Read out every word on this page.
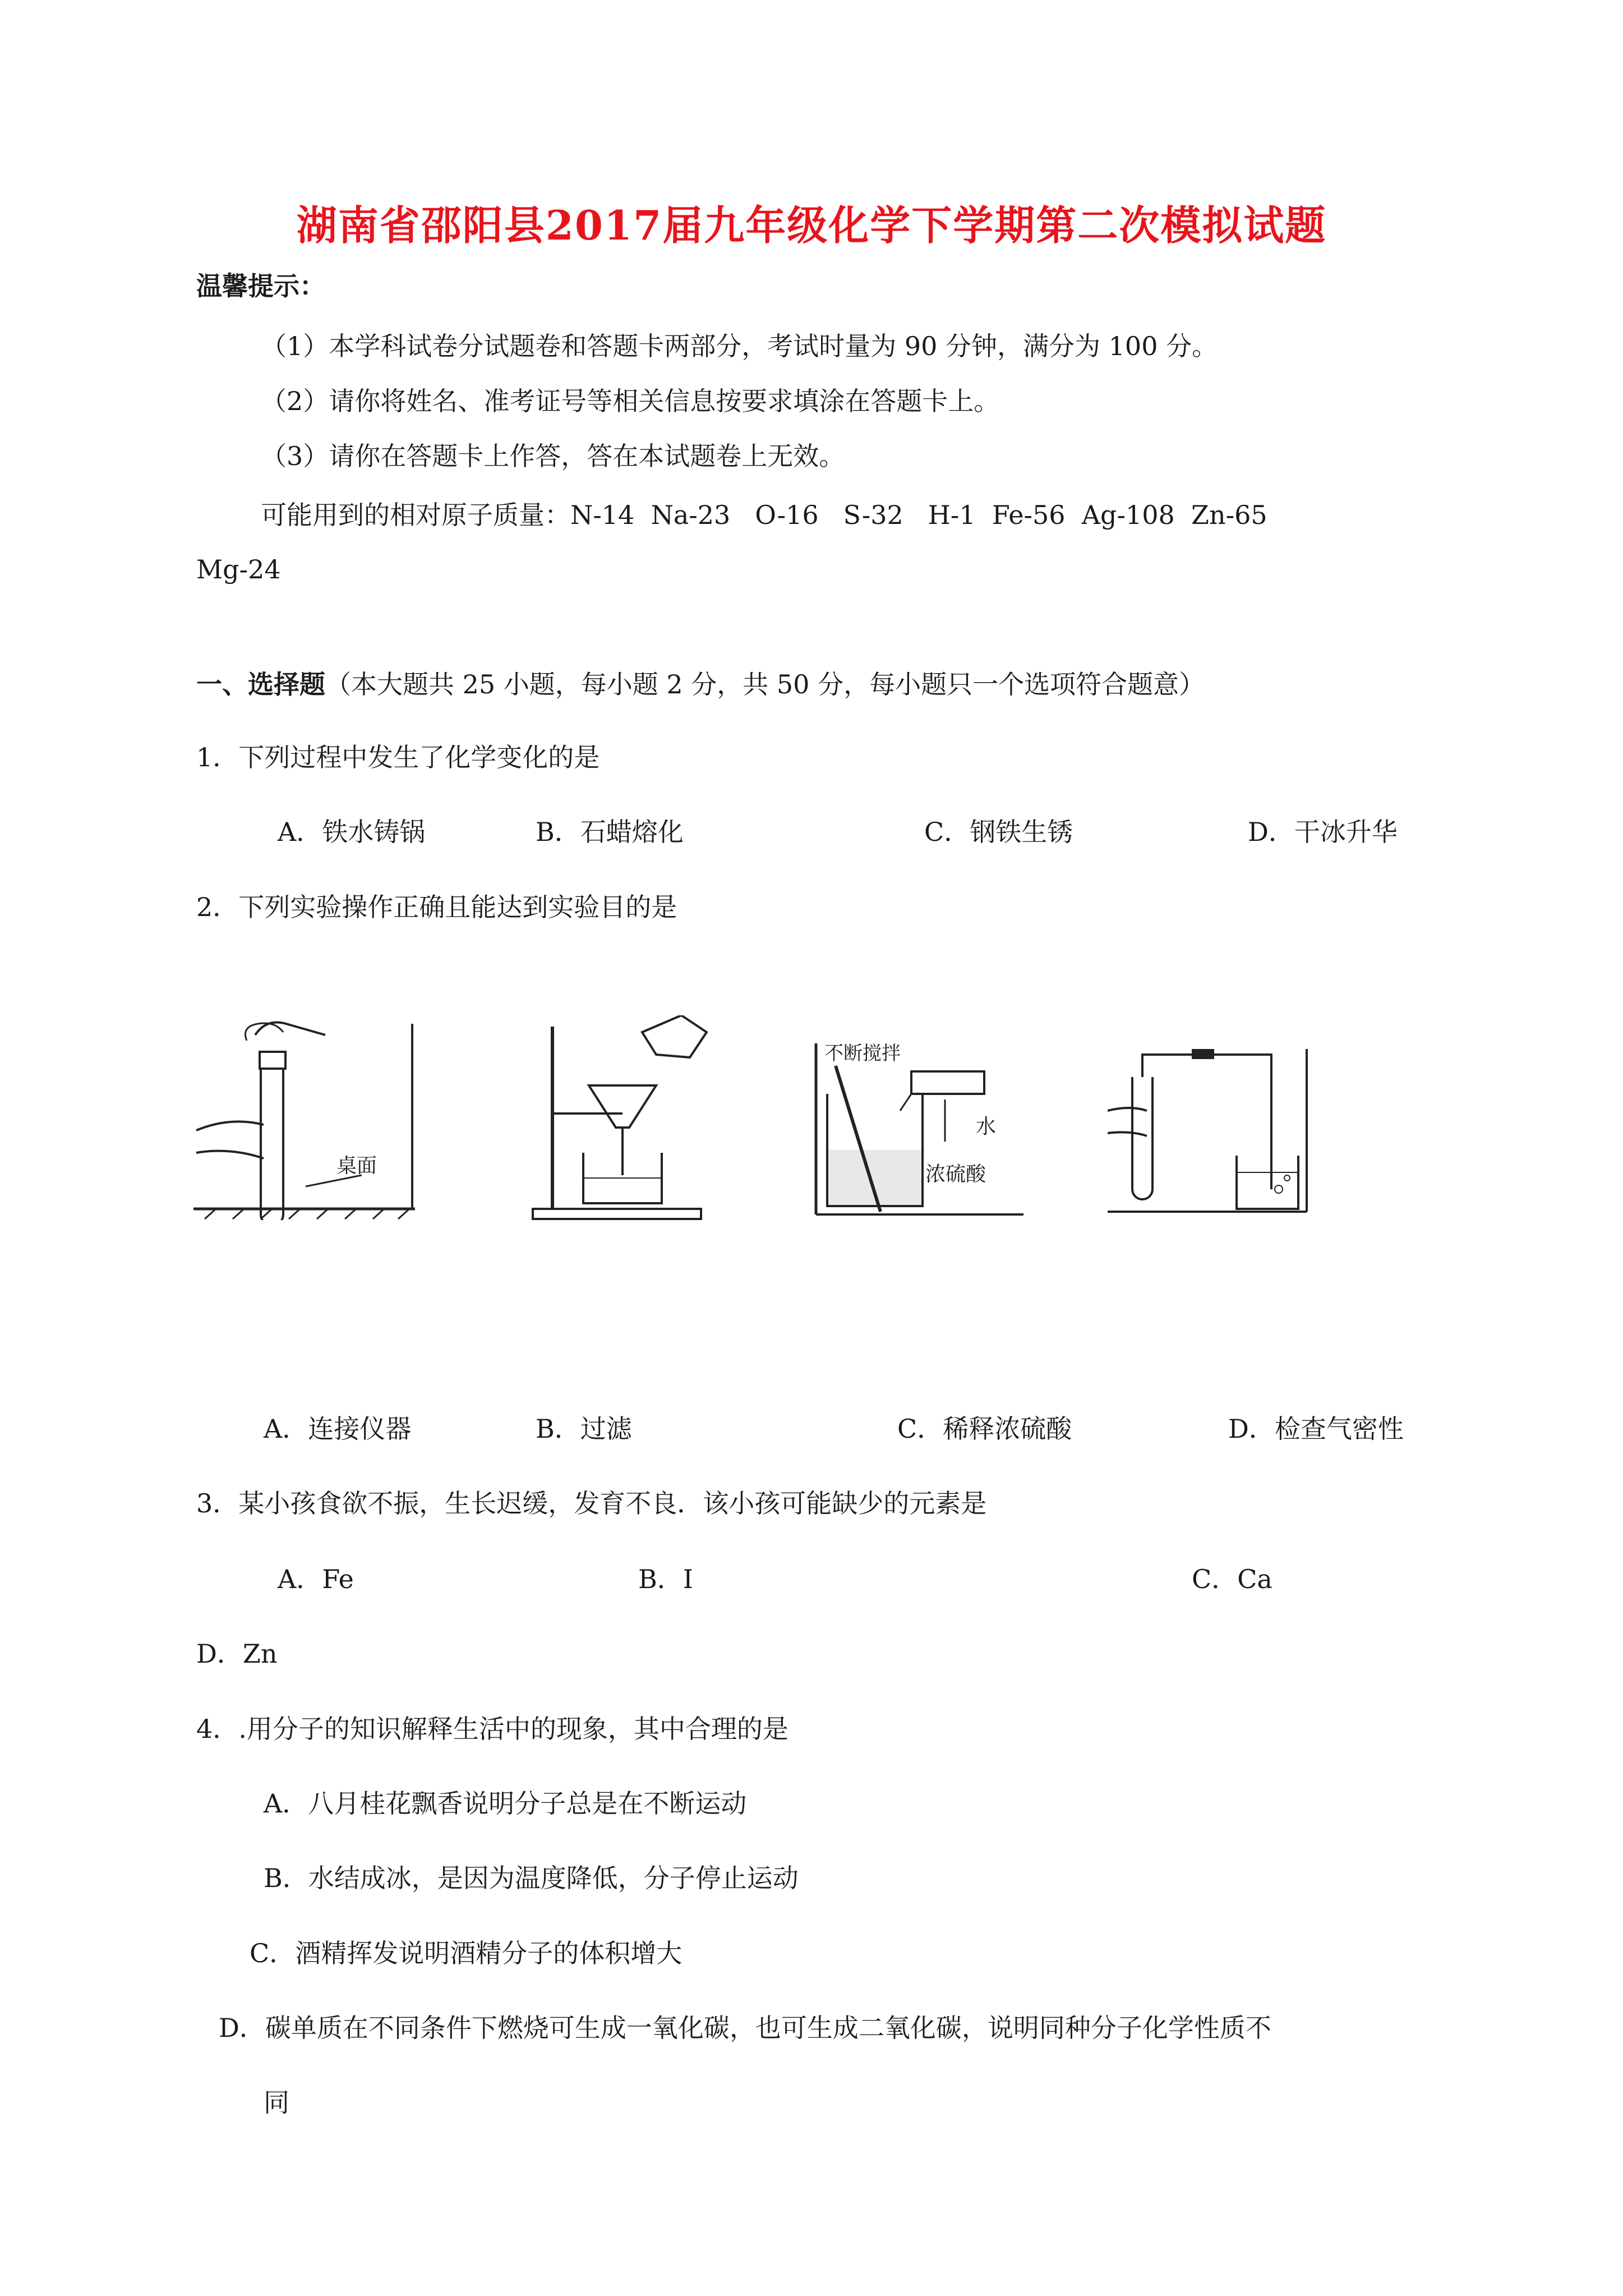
湖南省邵阳县2017届九年级化学下学期第二次模拟试题
温馨提示：
（1）本学科试卷分试题卷和答题卡两部分，考试时量为 90 分钟，满分为 100 分。
（2）请你将姓名、准考证号等相关信息按要求填涂在答题卡上。
（3）请你在答题卡上作答，答在本试题卷上无效。
可能用到的相对原子质量：N-14  Na-23   O-16   S-32   H-1  Fe-56  Ag-108  Zn-65
Mg-24
一、选择题（本大题共 25 小题，每小题 2 分，共 50 分，每小题只一个选项符合题意）
1．下列过程中发生了化学变化的是
A．铁水铸锅	B．石蜡熔化	C．钢铁生锈	D．干冰升华
2．下列实验操作正确且能达到实验目的是
桌面
不断搅拌
水
浓硫酸
A．连接仪器	B．过滤	C．稀释浓硫酸	D．检查气密性
3．某小孩食欲不振，生长迟缓，发育不良．该小孩可能缺少的元素是
A．Fe	B．I	C．Ca
D．Zn
4．.用分子的知识解释生活中的现象，其中合理的是
A．八月桂花飘香说明分子总是在不断运动
B．水结成冰，是因为温度降低，分子停止运动
C．酒精挥发说明酒精分子的体积增大
D．碳单质在不同条件下燃烧可生成一氧化碳，也可生成二氧化碳，说明同种分子化学性质不
同
